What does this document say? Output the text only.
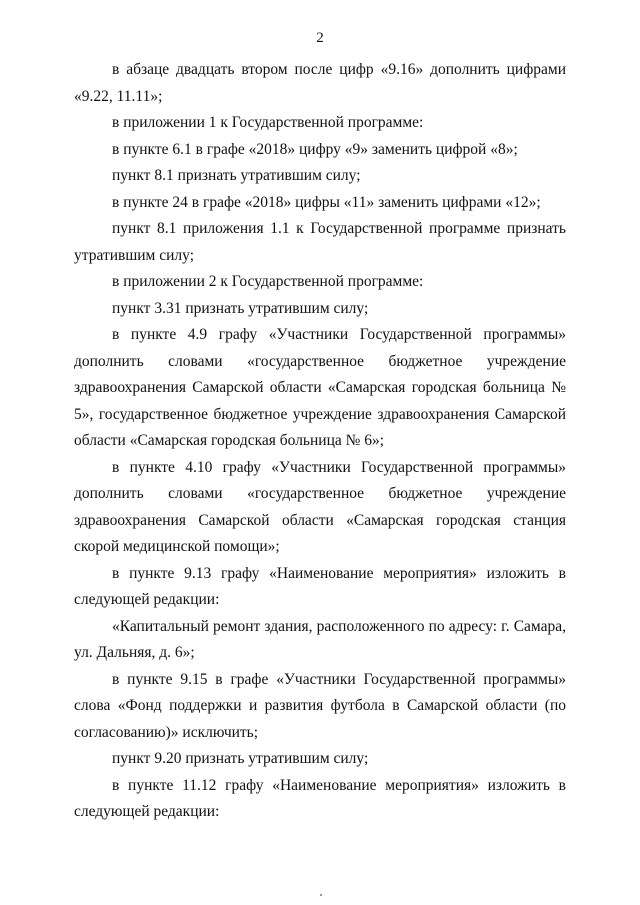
2

в абзаце двадцать втором после цифр «9.16» дополнить цифрами «9.22, 11.11»;

в приложении 1 к Государственной программе:

в пункте 6.1 в графе «2018» цифру «9» заменить цифрой «8»;

пункт 8.1 признать утратившим силу;

в пункте 24 в графе «2018» цифры «11» заменить цифрами «12»;

пункт 8.1 приложения 1.1 к Государственной программе признать утратившим силу;

в приложении 2 к Государственной программе:

пункт 3.31 признать утратившим силу;

в пункте 4.9 графу «Участники Государственной программы» дополнить словами «государственное бюджетное учреждение здравоохранения Самарской области «Самарская городская больница № 5», государственное бюджетное учреждение здравоохранения Самарской области «Самарская городская больница № 6»;

в пункте 4.10 графу «Участники Государственной программы» дополнить словами «государственное бюджетное учреждение здравоохранения Самарской области «Самарская городская станция скорой медицинской помощи»;

в пункте 9.13 графу «Наименование мероприятия» изложить в следующей редакции:

«Капитальный ремонт здания, расположенного по адресу: г. Самара, ул. Дальняя, д. 6»;

в пункте 9.15 в графе «Участники Государственной программы» слова «Фонд поддержки и развития футбола в Самарской области (по согласованию)» исключить;

пункт 9.20 признать утратившим силу;

в пункте 11.12 графу «Наименование мероприятия» изложить в следующей редакции:
